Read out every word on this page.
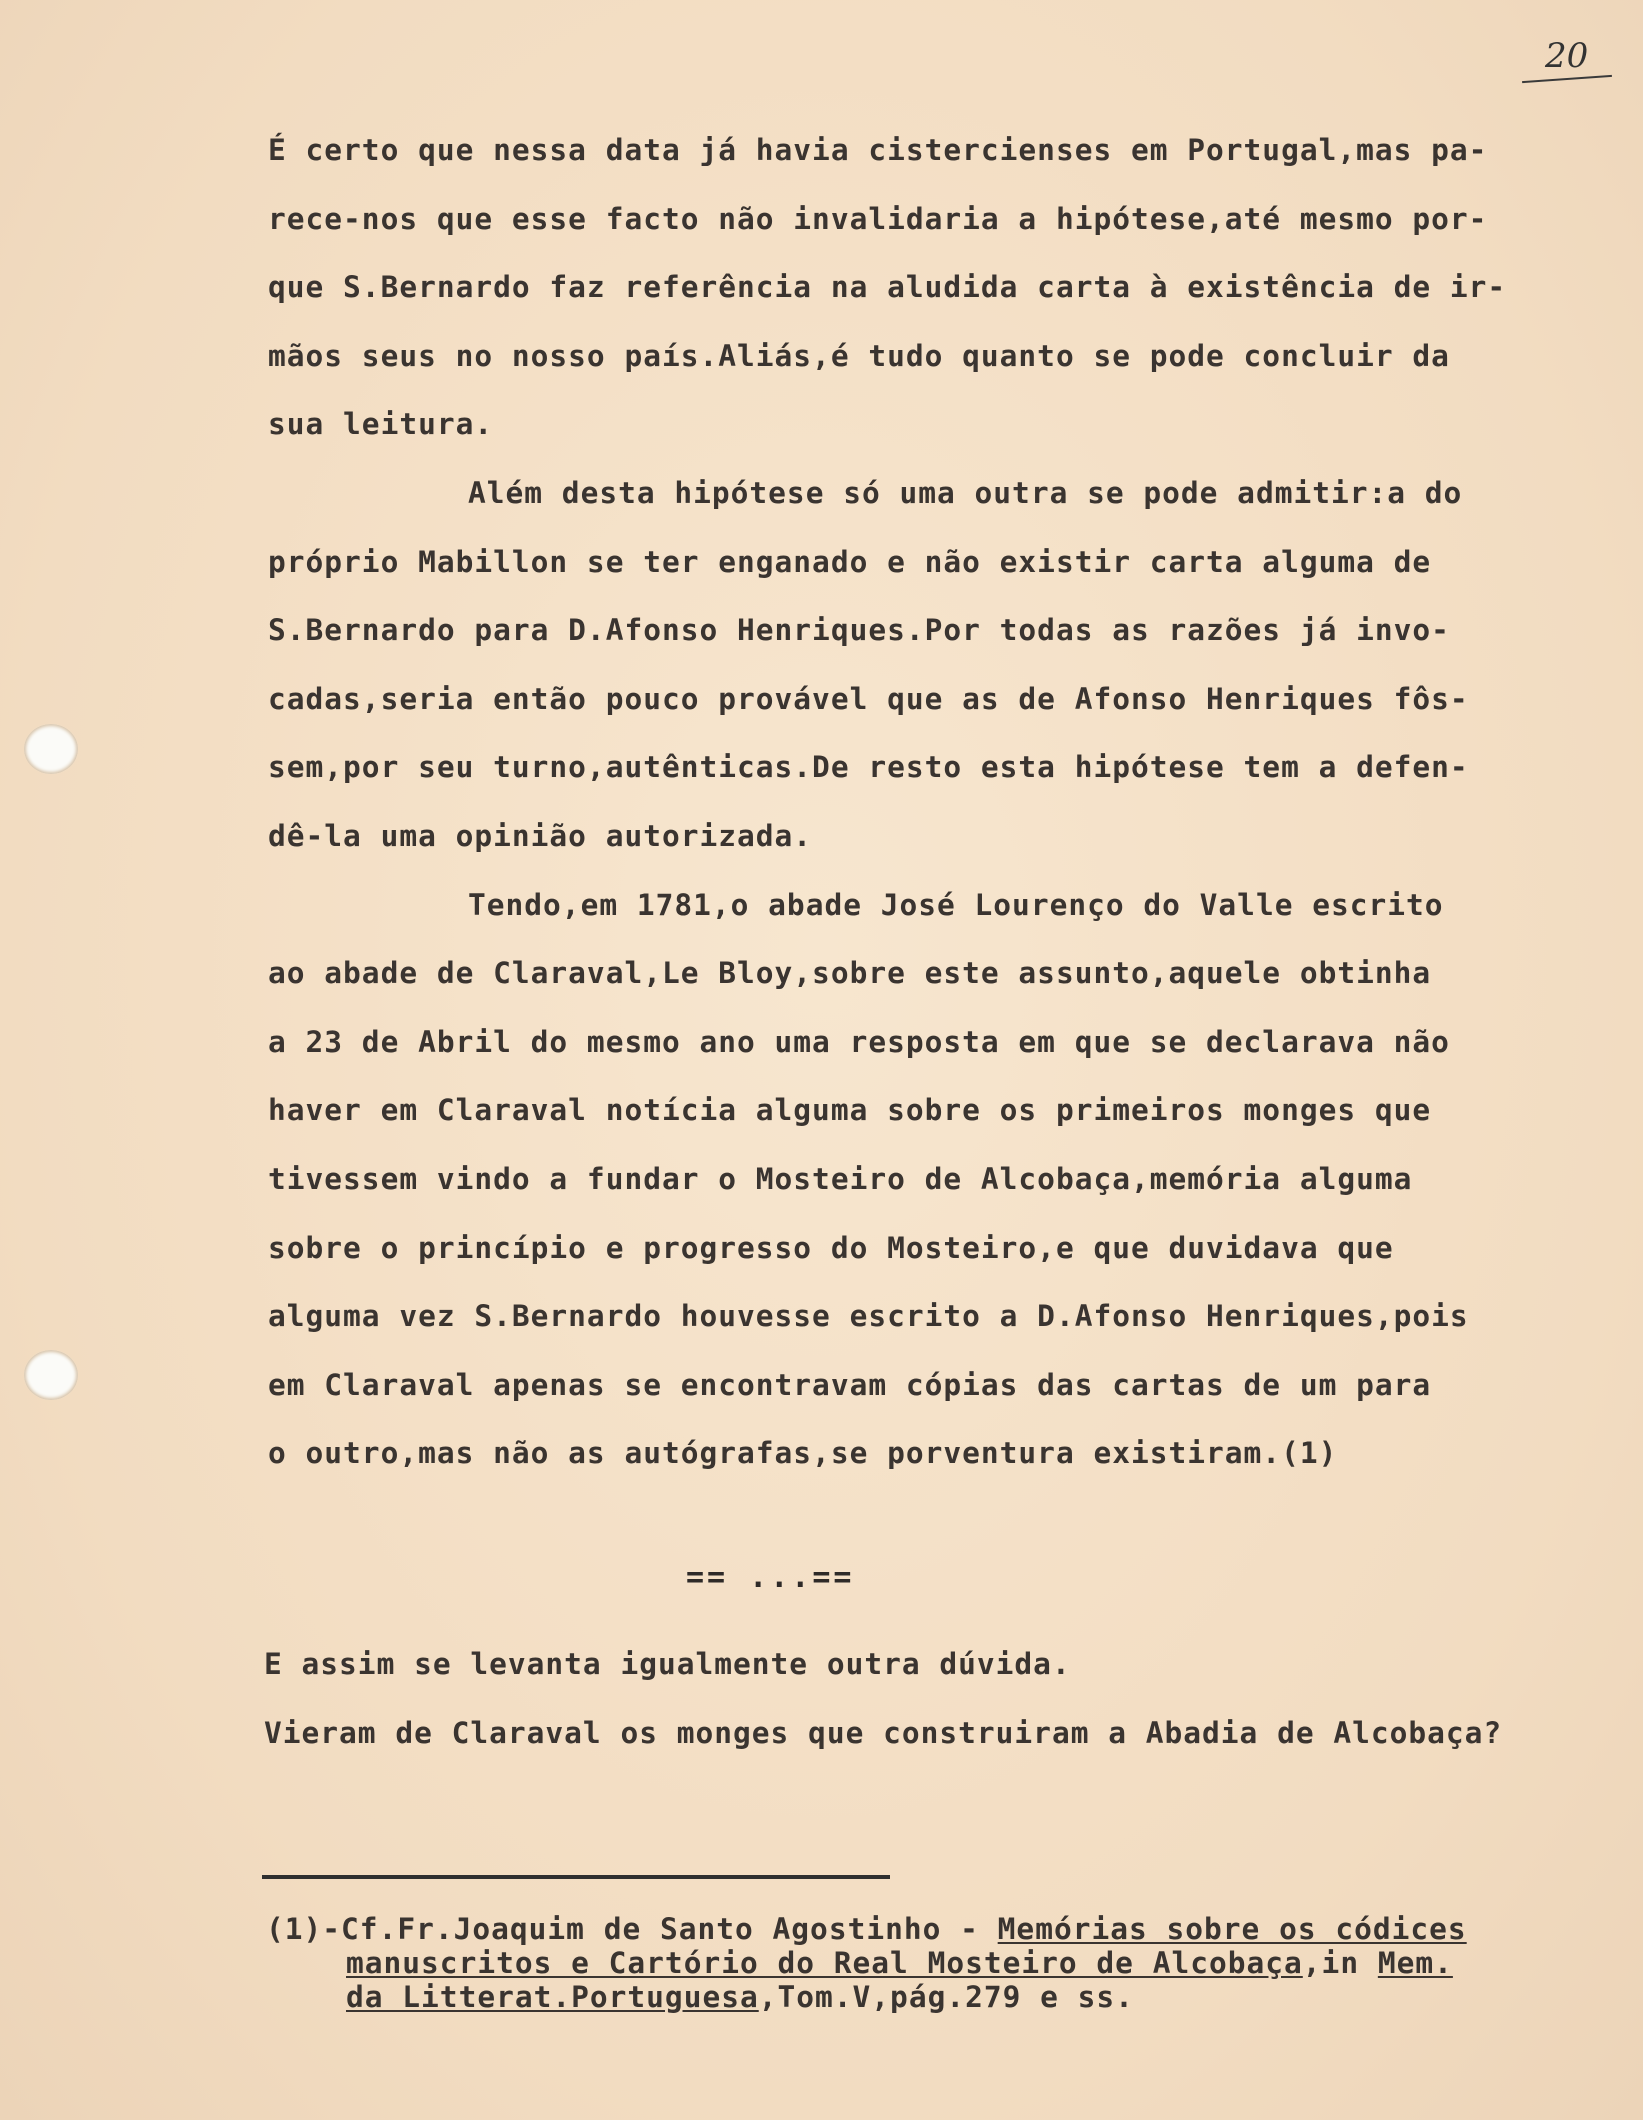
20
É certo que nessa data já havia cistercienses em Portugal,mas pa-
rece-nos que esse facto não invalidaria a hipótese,até mesmo por-
que S.Bernardo faz referência na aludida carta à existência de ir-
mãos seus no nosso país.Aliás,é tudo quanto se pode concluir da
sua leitura.
Além desta hipótese só uma outra se pode admitir:a do
próprio Mabillon se ter enganado e não existir carta alguma de
S.Bernardo para D.Afonso Henriques.Por todas as razões já invo-
cadas,seria então pouco provável que as de Afonso Henriques fôs-
sem,por seu turno,autênticas.De resto esta hipótese tem a defen-
dê-la uma opinião autorizada.
Tendo,em 1781,o abade José Lourenço do Valle escrito
ao abade de Claraval,Le Bloy,sobre este assunto,aquele obtinha
a 23 de Abril do mesmo ano uma resposta em que se declarava não
haver em Claraval notícia alguma sobre os primeiros monges que
tivessem vindo a fundar o Mosteiro de Alcobaça,memória alguma
sobre o princípio e progresso do Mosteiro,e que duvidava que
alguma vez S.Bernardo houvesse escrito a D.Afonso Henriques,pois
em Claraval apenas se encontravam cópias das cartas de um para
o outro,mas não as autógrafas,se porventura existiram.(1)
== ...==
E assim se levanta igualmente outra dúvida.
Vieram de Claraval os monges que construiram a Abadia de Alcobaça?
(1)-Cf.Fr.Joaquim de Santo Agostinho - Memórias sobre os códices
manuscritos e Cartório do Real Mosteiro de Alcobaça,in Mem.
da Litterat.Portuguesa,Tom.V,pág.279 e ss.
